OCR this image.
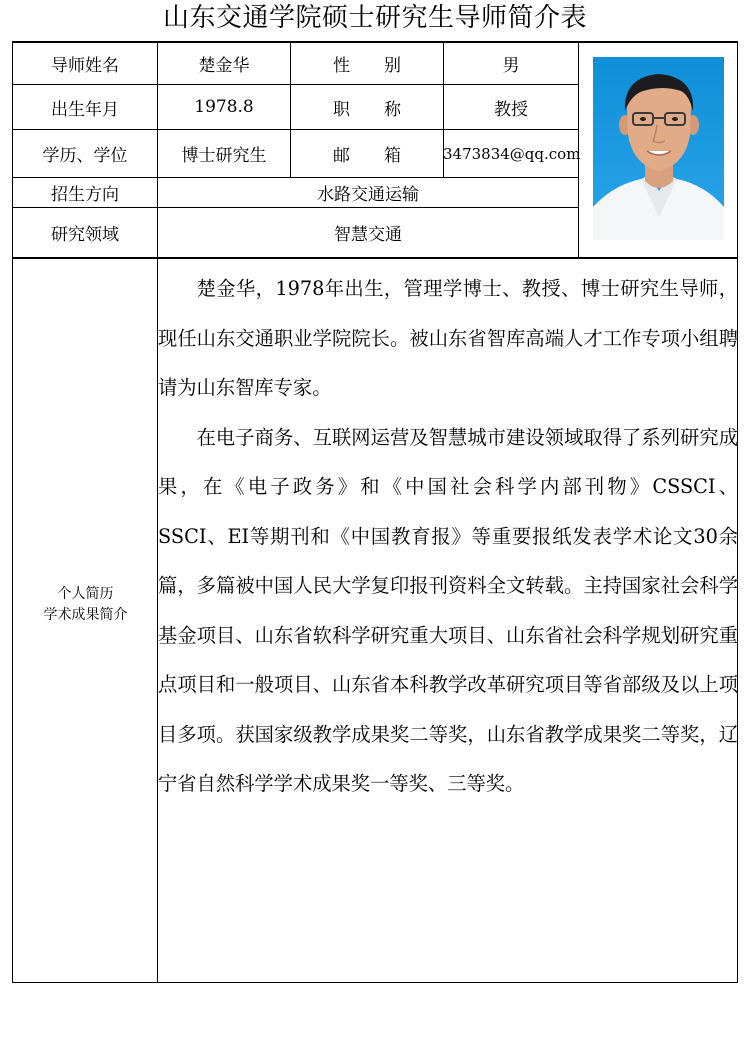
山东交通学院硕士研究生导师简介表
导师姓名	楚金华	性　　别	男
出生年月	1978.8	职　　称	教授
学历、学位	博士研究生	邮　　箱	3473834@qq.com
招生方向	水路交通运输
研究领域	智慧交通
个人简历
学术成果简介

楚金华，1978年出生，管理学博士、教授、博士研究生导师，现任山东交通职业学院院长。被山东省智库高端人才工作专项小组聘请为山东智库专家。

在电子商务、互联网运营及智慧城市建设领域取得了系列研究成果，在《电子政务》和《中国社会科学内部刊物》CSSCI、 SSCI、EI等期刊和《中国教育报》等重要报纸发表学术论文30余篇，多篇被中国人民大学复印报刊资料全文转载。主持国家社会科学基金项目、山东省软科学研究重大项目、山东省社会科学规划研究重点项目和一般项目、山东省本科教学改革研究项目等省部级及以上项目多项。获国家级教学成果奖二等奖，山东省教学成果奖二等奖，辽宁省自然科学学术成果奖一等奖、三等奖。
